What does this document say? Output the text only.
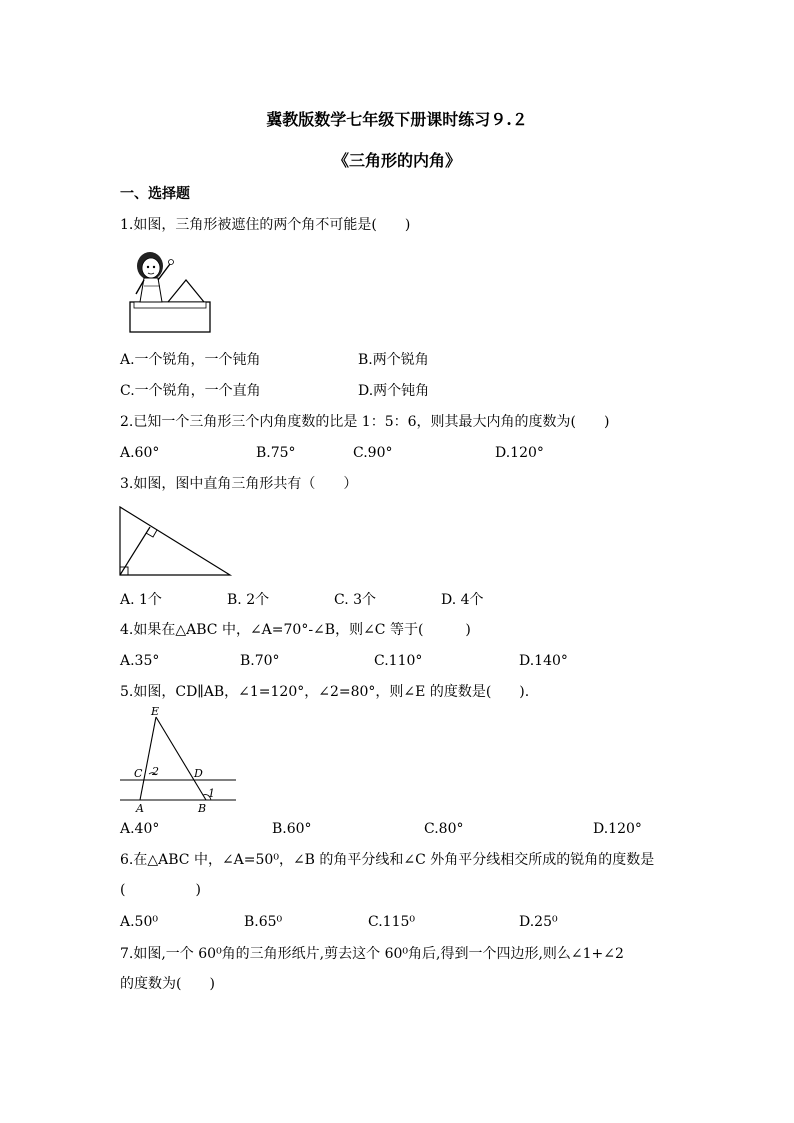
冀教版数学七年级下册课时练习９.２
《三角形的内角》
一、选择题
1.如图，三角形被遮住的两个角不可能是(　　)
A.一个锐角，一个钝角	B.两个锐角
C.一个锐角，一个直角	D.两个钝角
2.已知一个三角形三个内角度数的比是 1：5：6，则其最大内角的度数为(　　)
A.60°	B.75°	C.90°	D.120°
3.如图，图中直角三角形共有（　　）
A. 1个	B. 2个	C. 3个	D. 4个
4.如果在△ABC 中，∠A=70°-∠B，则∠C 等于(　　　)
A.35°	B.70°	C.110°	D.140°
5.如图，CD∥AB，∠1=120°，∠2=80°，则∠E 的度数是(　　).
E
C 2	D
1
A	B
A.40°	B.60°	C.80°	D.120°
6.在△ABC 中，∠A=50⁰，∠B 的角平分线和∠C 外角平分线相交所成的锐角的度数是
(　　　　　)
A.50⁰	B.65⁰	C.115⁰	D.25⁰
7.如图,一个 60⁰角的三角形纸片,剪去这个 60⁰角后,得到一个四边形,则么∠1+∠2
的度数为(　　)
